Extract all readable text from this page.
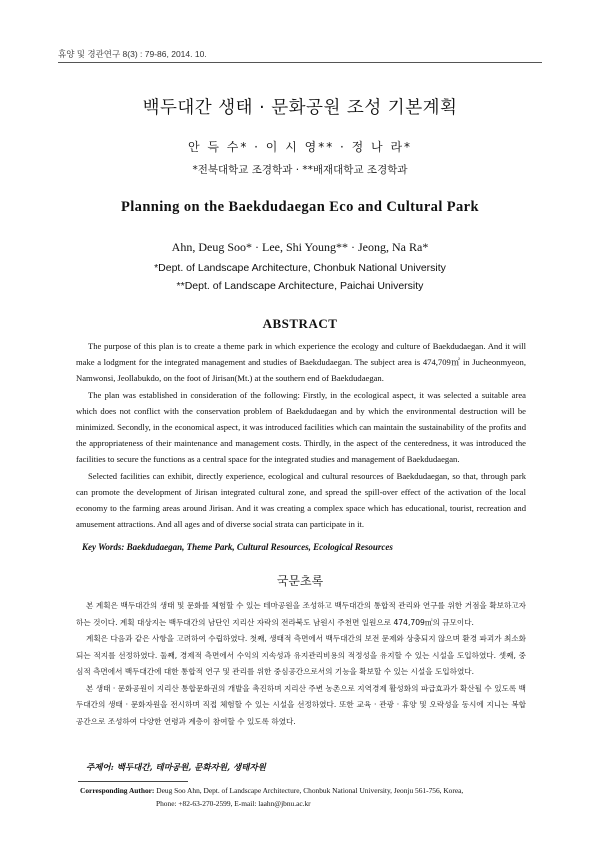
휴양 및 경관연구 8(3) : 79-86, 2014. 10.
백두대간 생태 · 문화공원 조성 기본계획
안 득 수* · 이 시 영** · 정 나 라*
*전북대학교 조경학과 · **배재대학교 조경학과
Planning on the Baekdudaegan Eco and Cultural Park
Ahn, Deug Soo* · Lee, Shi Young** · Jeong, Na Ra*
*Dept. of Landscape Architecture, Chonbuk National University
**Dept. of Landscape Architecture, Paichai University
ABSTRACT

The purpose of this plan is to create a theme park in which experience the ecology and culture of Baekdudaegan. And it will make a lodgment for the integrated management and studies of Baekdudaegan. The subject area is 474,709㎡ in Jucheonmyeon, Namwonsi, Jeollabukdo, on the foot of Jirisan(Mt.) at the southern end of Baekdudaegan.

The plan was established in consideration of the following: Firstly, in the ecological aspect, it was selected a suitable area which does not conflict with the conservation problem of Baekdudaegan and by which the environmental destruction will be minimized. Secondly, in the economical aspect, it was introduced facilities which can maintain the sustainability of the profits and the appropriateness of their maintenance and management costs. Thirdly, in the aspect of the centeredness, it was introduced the facilities to secure the functions as a central space for the integrated studies and management of Baekdudaegan.

Selected facilities can exhibit, directly experience, ecological and cultural resources of Baekdudaegan, so that, through park can promote the development of Jirisan integrated cultural zone, and spread the spill-over effect of the activation of the local economy to the farming areas around Jirisan. And it was creating a complex space which has educational, tourist, recreation and amusement attractions. And all ages and of diverse social strata can participate in it.

Key Words: Baekdudaegan, Theme Park, Cultural Resources, Ecological Resources
국문초록

본 계획은 백두대간의 생태 및 문화를 체험할 수 있는 테마공원을 조성하고 백두대간의 통합적 관리와 연구를 위한 거점을 확보하고자 하는 것이다. 계획 대상지는 백두대간의 남단인 지리산 자락의 전라북도 남원시 주천면 일원으로 474,709㎡의 규모이다.

계획은 다음과 같은 사항을 고려하여 수립하였다. 첫째, 생태적 측면에서 백두대간의 보전 문제와 상충되지 않으며 환경 파괴가 최소화되는 적지를 선정하였다. 둘째, 경제적 측면에서 수익의 지속성과 유지관리비용의 적정성을 유지할 수 있는 시설을 도입하였다. 셋째, 중심적 측면에서 백두대간에 대한 통합적 연구 및 관리를 위한 중심공간으로서의 기능을 확보할 수 있는 시설을 도입하였다.

본 생태 · 문화공원이 지리산 통합문화권의 개발을 촉진하며 지리산 주변 농촌으로 지역경제 활성화의 파급효과가 확산될 수 있도록 백두대간의 생태 · 문화자원을 전시하며 직접 체험할 수 있는 시설을 선정하였다. 또한 교육 · 관광 · 휴양 및 오락성을 동시에 지니는 복합 공간으로 조성하여 다양한 연령과 계층이 참여할 수 있도록 하였다.

주제어: 백두대간, 테마공원, 문화자원, 생태자원
Corresponding Author: Deug Soo Ahn, Dept. of Landscape Architecture, Chonbuk National University, Jeonju 561-756, Korea,
Phone: +82-63-270-2599, E-mail: laahn@jbnu.ac.kr
